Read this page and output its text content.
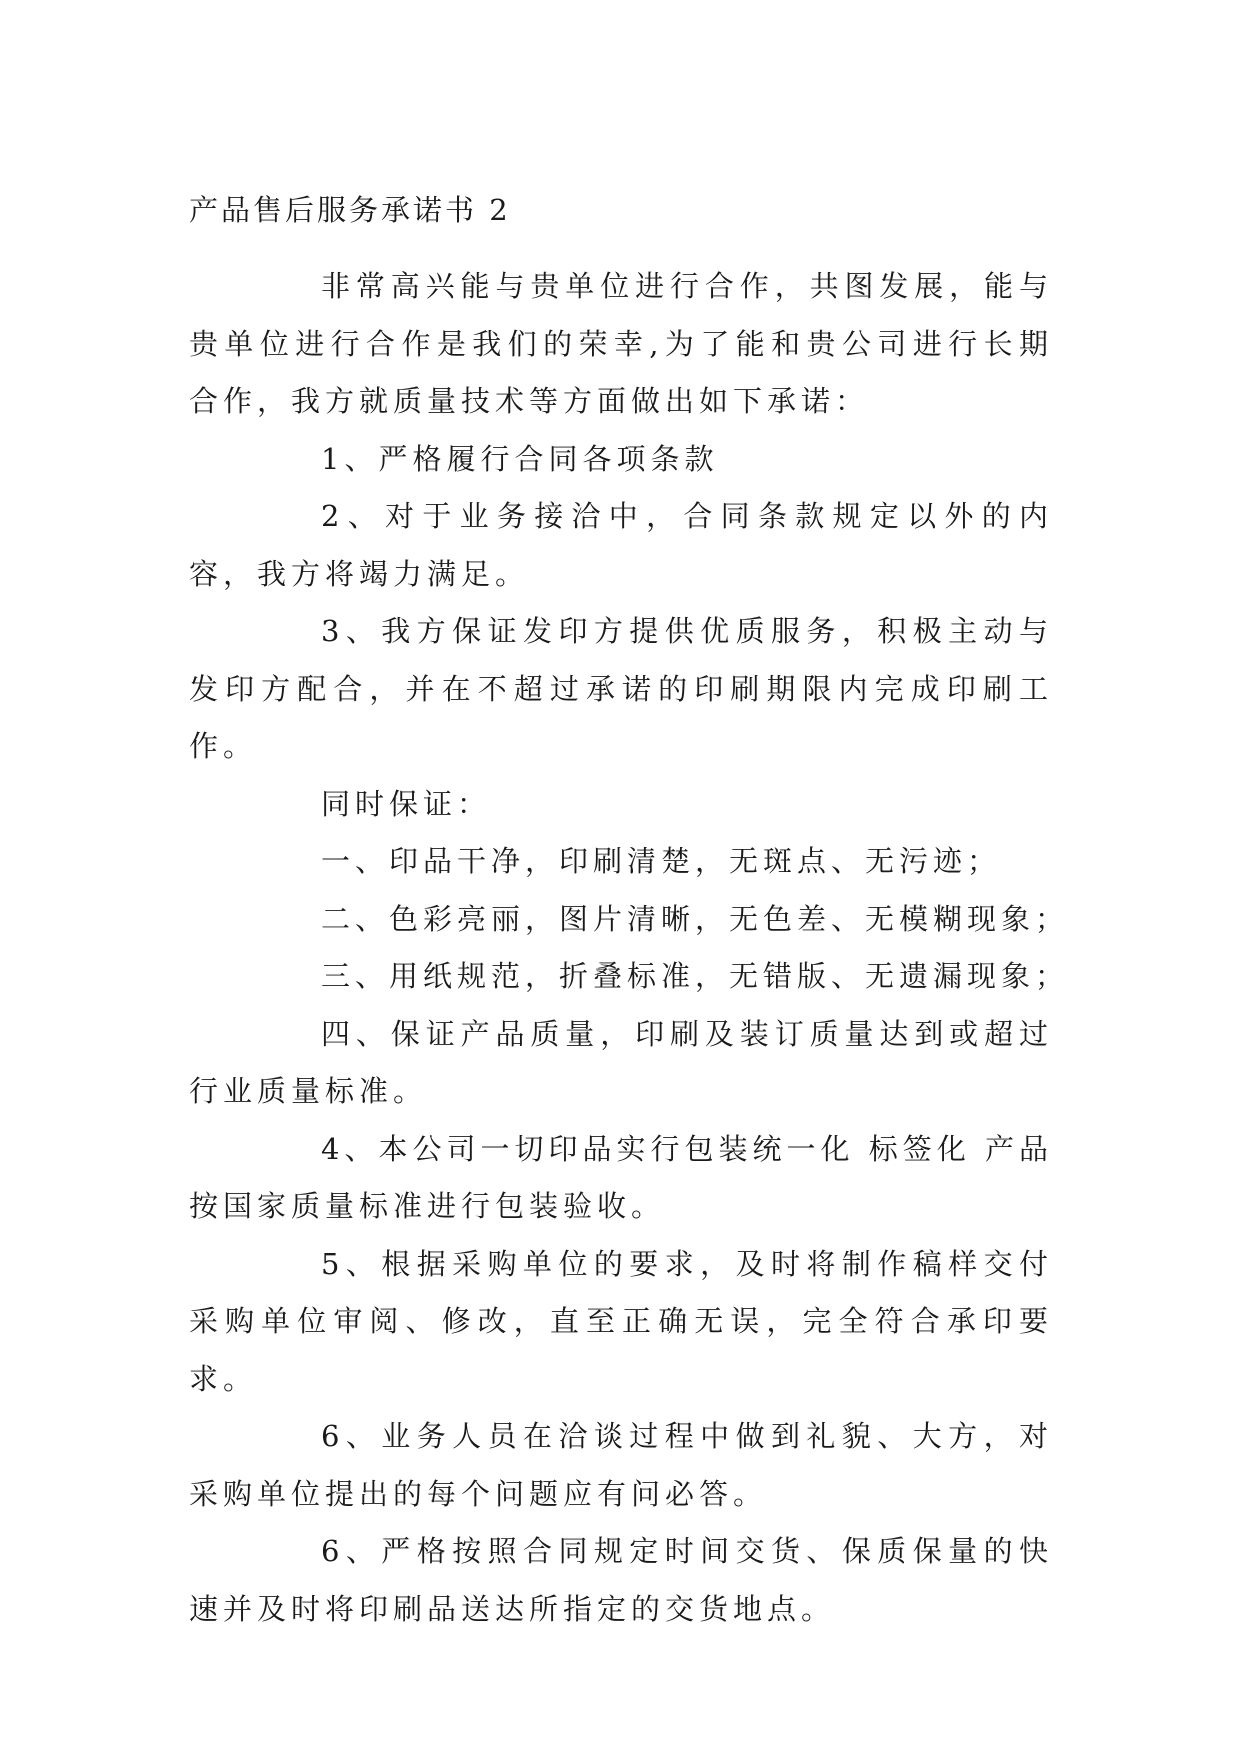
产品售后服务承诺书 2

非常高兴能与贵单位进行合作，共图发展，能与贵单位进行合作是我们的荣幸,为了能和贵公司进行长期合作，我方就质量技术等方面做出如下承诺：

1、严格履行合同各项条款

2、对于业务接洽中，合同条款规定以外的内容，我方将竭力满足。

3、我方保证发印方提供优质服务，积极主动与发印方配合，并在不超过承诺的印刷期限内完成印刷工作。

同时保证：

一、印品干净，印刷清楚，无斑点、无污迹；

二、色彩亮丽，图片清晰，无色差、无模糊现象；

三、用纸规范，折叠标准，无错版、无遗漏现象；

四、保证产品质量，印刷及装订质量达到或超过行业质量标准。

4、本公司一切印品实行包装统一化 标签化 产品按国家质量标准进行包装验收。

5、根据采购单位的要求，及时将制作稿样交付采购单位审阅、修改，直至正确无误，完全符合承印要求。

6、业务人员在洽谈过程中做到礼貌、大方，对采购单位提出的每个问题应有问必答。

6、严格按照合同规定时间交货、保质保量的快速并及时将印刷品送达所指定的交货地点。
